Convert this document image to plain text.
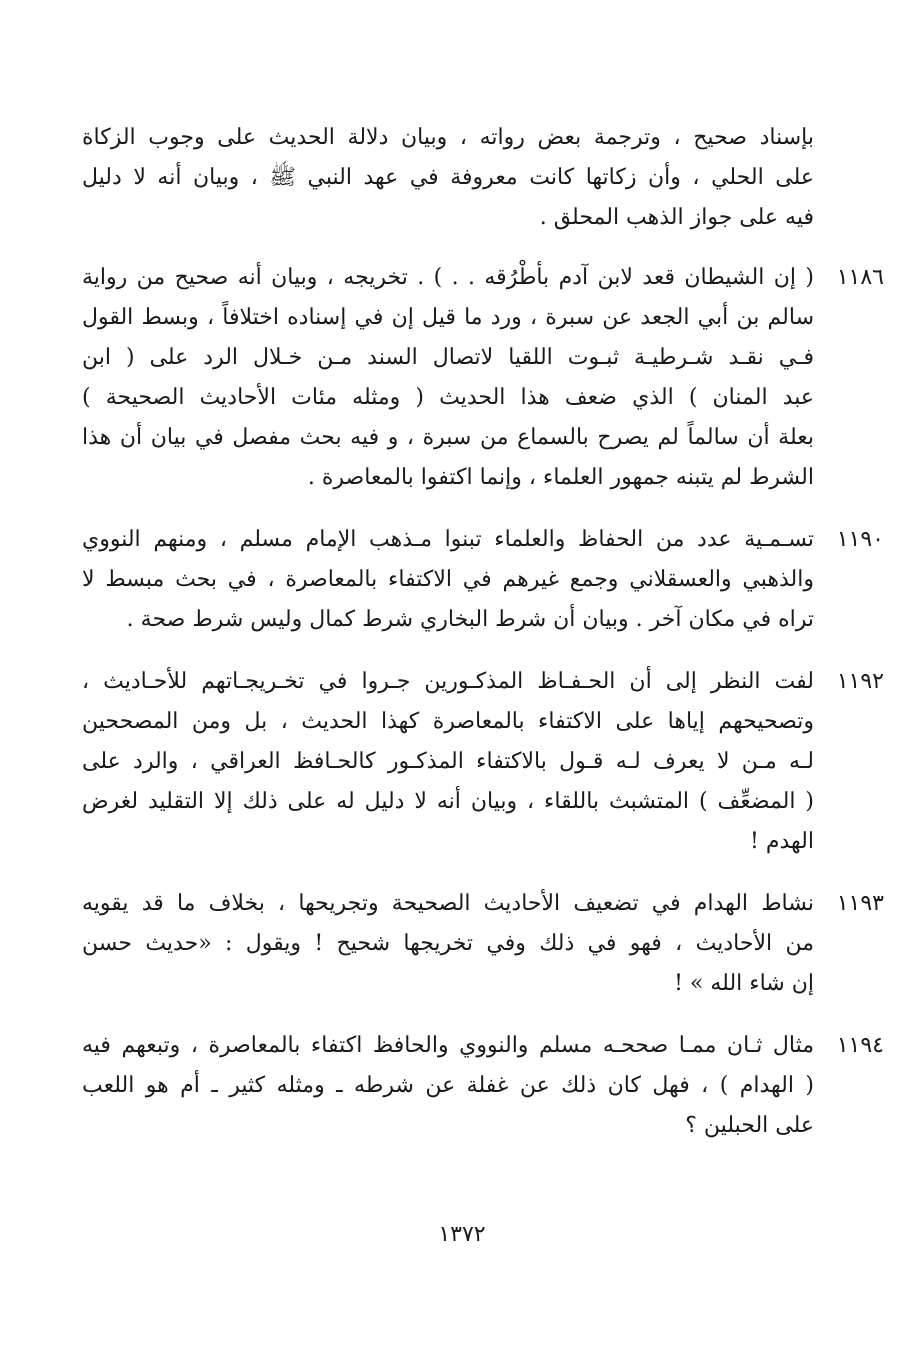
بإسناد صحيح ، وترجمة بعض رواته ، وبيان دلالة الحديث على وجوب الزكاة
على الحلي ، وأن زكاتها كانت معروفة في عهد النبي ﷺ ، وبيان أنه لا دليل
فيه على جواز الذهب المحلق .
١١٨٦
( إن الشيطان قعد لابن آدم بأطْرُقه . . ) . تخريجه ، وبيان أنه صحيح من رواية
سالم بن أبي الجعد عن سبرة ، ورد ما قيل إن في إسناده اختلافاً ، وبسط القول
فـي نقـد شـرطيـة ثبـوت اللقيا لاتصال السند مـن خـلال الرد على ( ابن
عبد المنان ) الذي ضعف هذا الحديث ( ومثله مئات الأحاديث الصحيحة )
بعلة أن سالماً لم يصرح بالسماع من سبرة ، و فيه بحث مفصل في بيان أن هذا
الشرط لم يتبنه جمهور العلماء ، وإنما اكتفوا بالمعاصرة .
١١٩٠
تسـمـية عدد من الحفاظ والعلماء تبنوا مـذهب الإمام مسلم ، ومنهم النووي
والذهبي والعسقلاني وجمع غيرهم في الاكتفاء بالمعاصرة ، في بحث مبسط لا
تراه في مكان آخر . وبيان أن شرط البخاري شرط كمال وليس شرط صحة .
١١٩٢
لفت النظر إلى أن الحـفـاظ المذكـورين جـروا في تخـريجـاتهم للأحـاديث ،
وتصحيحهم إياها على الاكتفاء بالمعاصرة كهذا الحديث ، بل ومن المصححين
لـه مـن لا يعرف لـه قـول بالاكتفاء المذكـور كالحـافظ العراقي ، والرد على
( المضعِّف ) المتشبث باللقاء ، وبيان أنه لا دليل له على ذلك إلا التقليد لغرض
الهدم !
١١٩٣
نشاط الهدام في تضعيف الأحاديث الصحيحة وتجريحها ، بخلاف ما قد يقويه
من الأحاديث ، فهو في ذلك وفي تخريجها شحيح ! ويقول : «حديث حسن
إن شاء الله » !
١١٩٤
مثال ثـان ممـا صححـه مسلم والنووي والحافظ اكتفاء بالمعاصرة ، وتبعهم فيه
( الهدام ) ، فهل كان ذلك عن غفلة عن شرطه ـ ومثله كثير ـ أم هو اللعب
على الحبلين ؟
١٣٧٢
